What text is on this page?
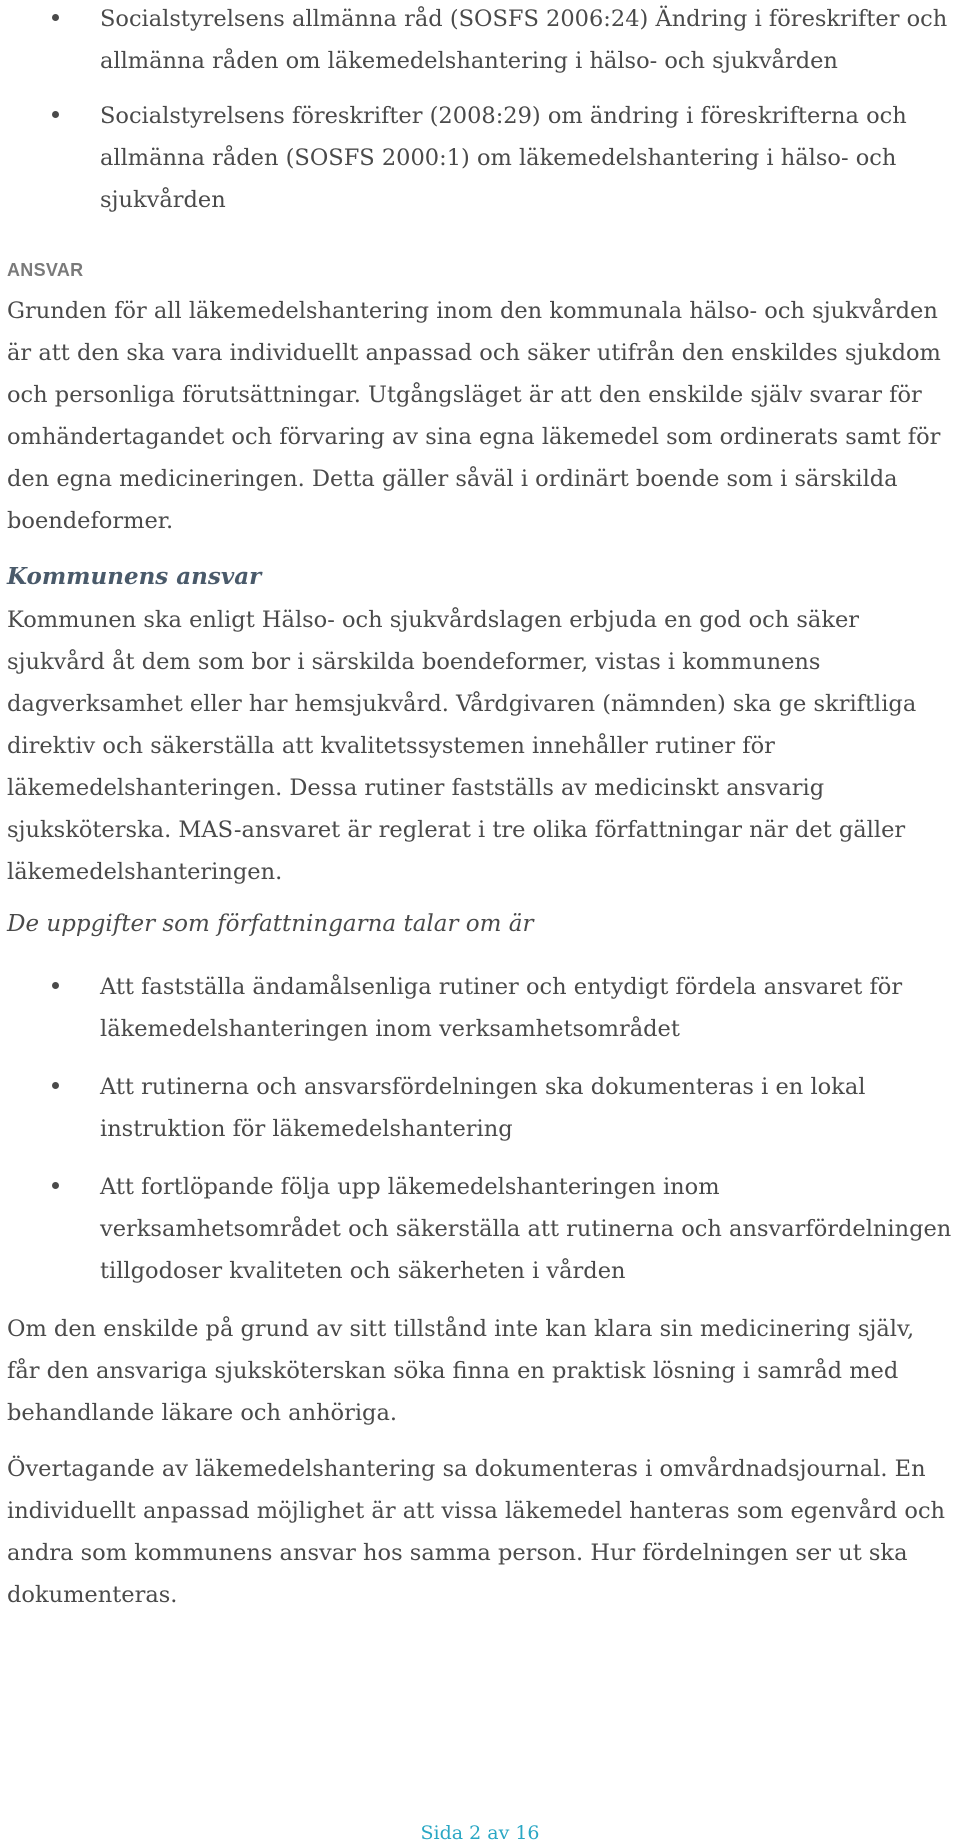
Socialstyrelsens allmänna råd (SOSFS 2006:24) Ändring i föreskrifter och allmänna råden om läkemedelshantering i hälso- och sjukvården
Socialstyrelsens föreskrifter (2008:29) om ändring i föreskrifterna och allmänna råden (SOSFS 2000:1) om läkemedelshantering i hälso- och sjukvården
ANSVAR

Grunden för all läkemedelshantering inom den kommunala hälso- och sjukvården är att den ska vara individuellt anpassad och säker utifrån den enskildes sjukdom och personliga förutsättningar. Utgångsläget är att den enskilde själv svarar för omhändertagandet och förvaring av sina egna läkemedel som ordinerats samt för den egna medicineringen. Detta gäller såväl i ordinärt boende som i särskilda boendeformer.

Kommunens ansvar

Kommunen ska enligt Hälso- och sjukvårdslagen erbjuda en god och säker sjukvård åt dem som bor i särskilda boendeformer, vistas i kommunens dagverksamhet eller har hemsjukvård. Vårdgivaren (nämnden) ska ge skriftliga direktiv och säkerställa att kvalitetssystemen innehåller rutiner för läkemedelshanteringen. Dessa rutiner fastställs av medicinskt ansvarig sjuksköterska. MAS-ansvaret är reglerat i tre olika författningar när det gäller läkemedelshanteringen.

De uppgifter som författningarna talar om är
Att fastställa ändamålsenliga rutiner och entydigt fördela ansvaret för läkemedelshanteringen inom verksamhetsområdet
Att rutinerna och ansvarsfördelningen ska dokumenteras i en lokal instruktion för läkemedelshantering
Att fortlöpande följa upp läkemedelshanteringen inom verksamhetsområdet och säkerställa att rutinerna och ansvarfördelningen tillgodoser kvaliteten och säkerheten i vården

Om den enskilde på grund av sitt tillstånd inte kan klara sin medicinering själv, får den ansvariga sjuksköterskan söka finna en praktisk lösning i samråd med behandlande läkare och anhöriga.

Övertagande av läkemedelshantering sa dokumenteras i omvårdnadsjournal. En individuellt anpassad möjlighet är att vissa läkemedel hanteras som egenvård och andra som kommunens ansvar hos samma person. Hur fördelningen ser ut ska dokumenteras.

Sida 2 av 16
